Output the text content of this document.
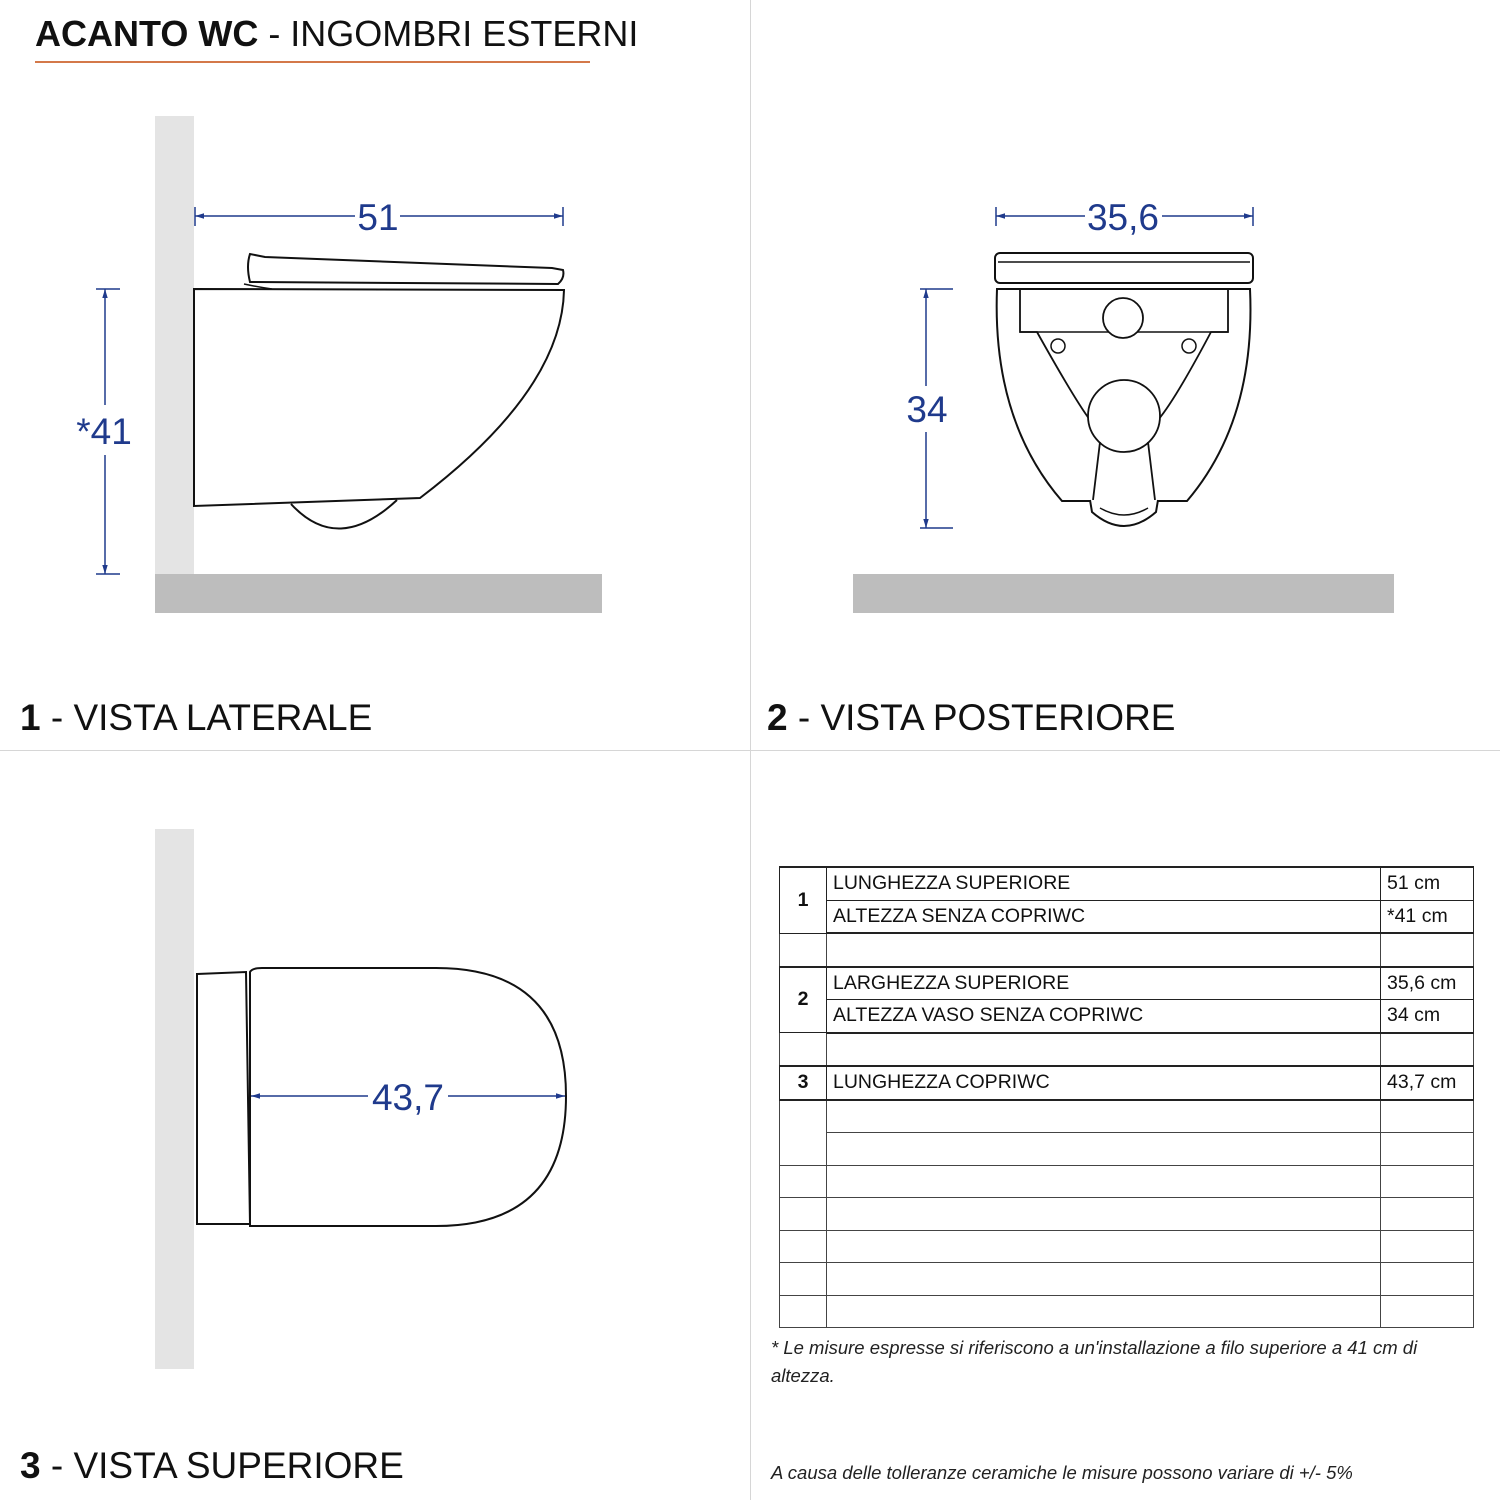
ACANTO WC - INGOMBRI ESTERNI
51
*41
35,6
34
43,7
1 - VISTA LATERALE	2 - VISTA POSTERIORE
3 - VISTA SUPERIORE
1	LUNGHEZZA SUPERIORE	51 cm
	ALTEZZA SENZA COPRIWC	*41 cm

2	LARGHEZZA SUPERIORE	35,6 cm
	ALTEZZA VASO SENZA COPRIWC	34 cm

3	LUNGHEZZA COPRIWC	43,7 cm

* Le misure espresse si riferiscono a un'installazione a filo superiore a 41 cm di altezza.
A causa delle tolleranze ceramiche le misure possono variare di +/- 5%
